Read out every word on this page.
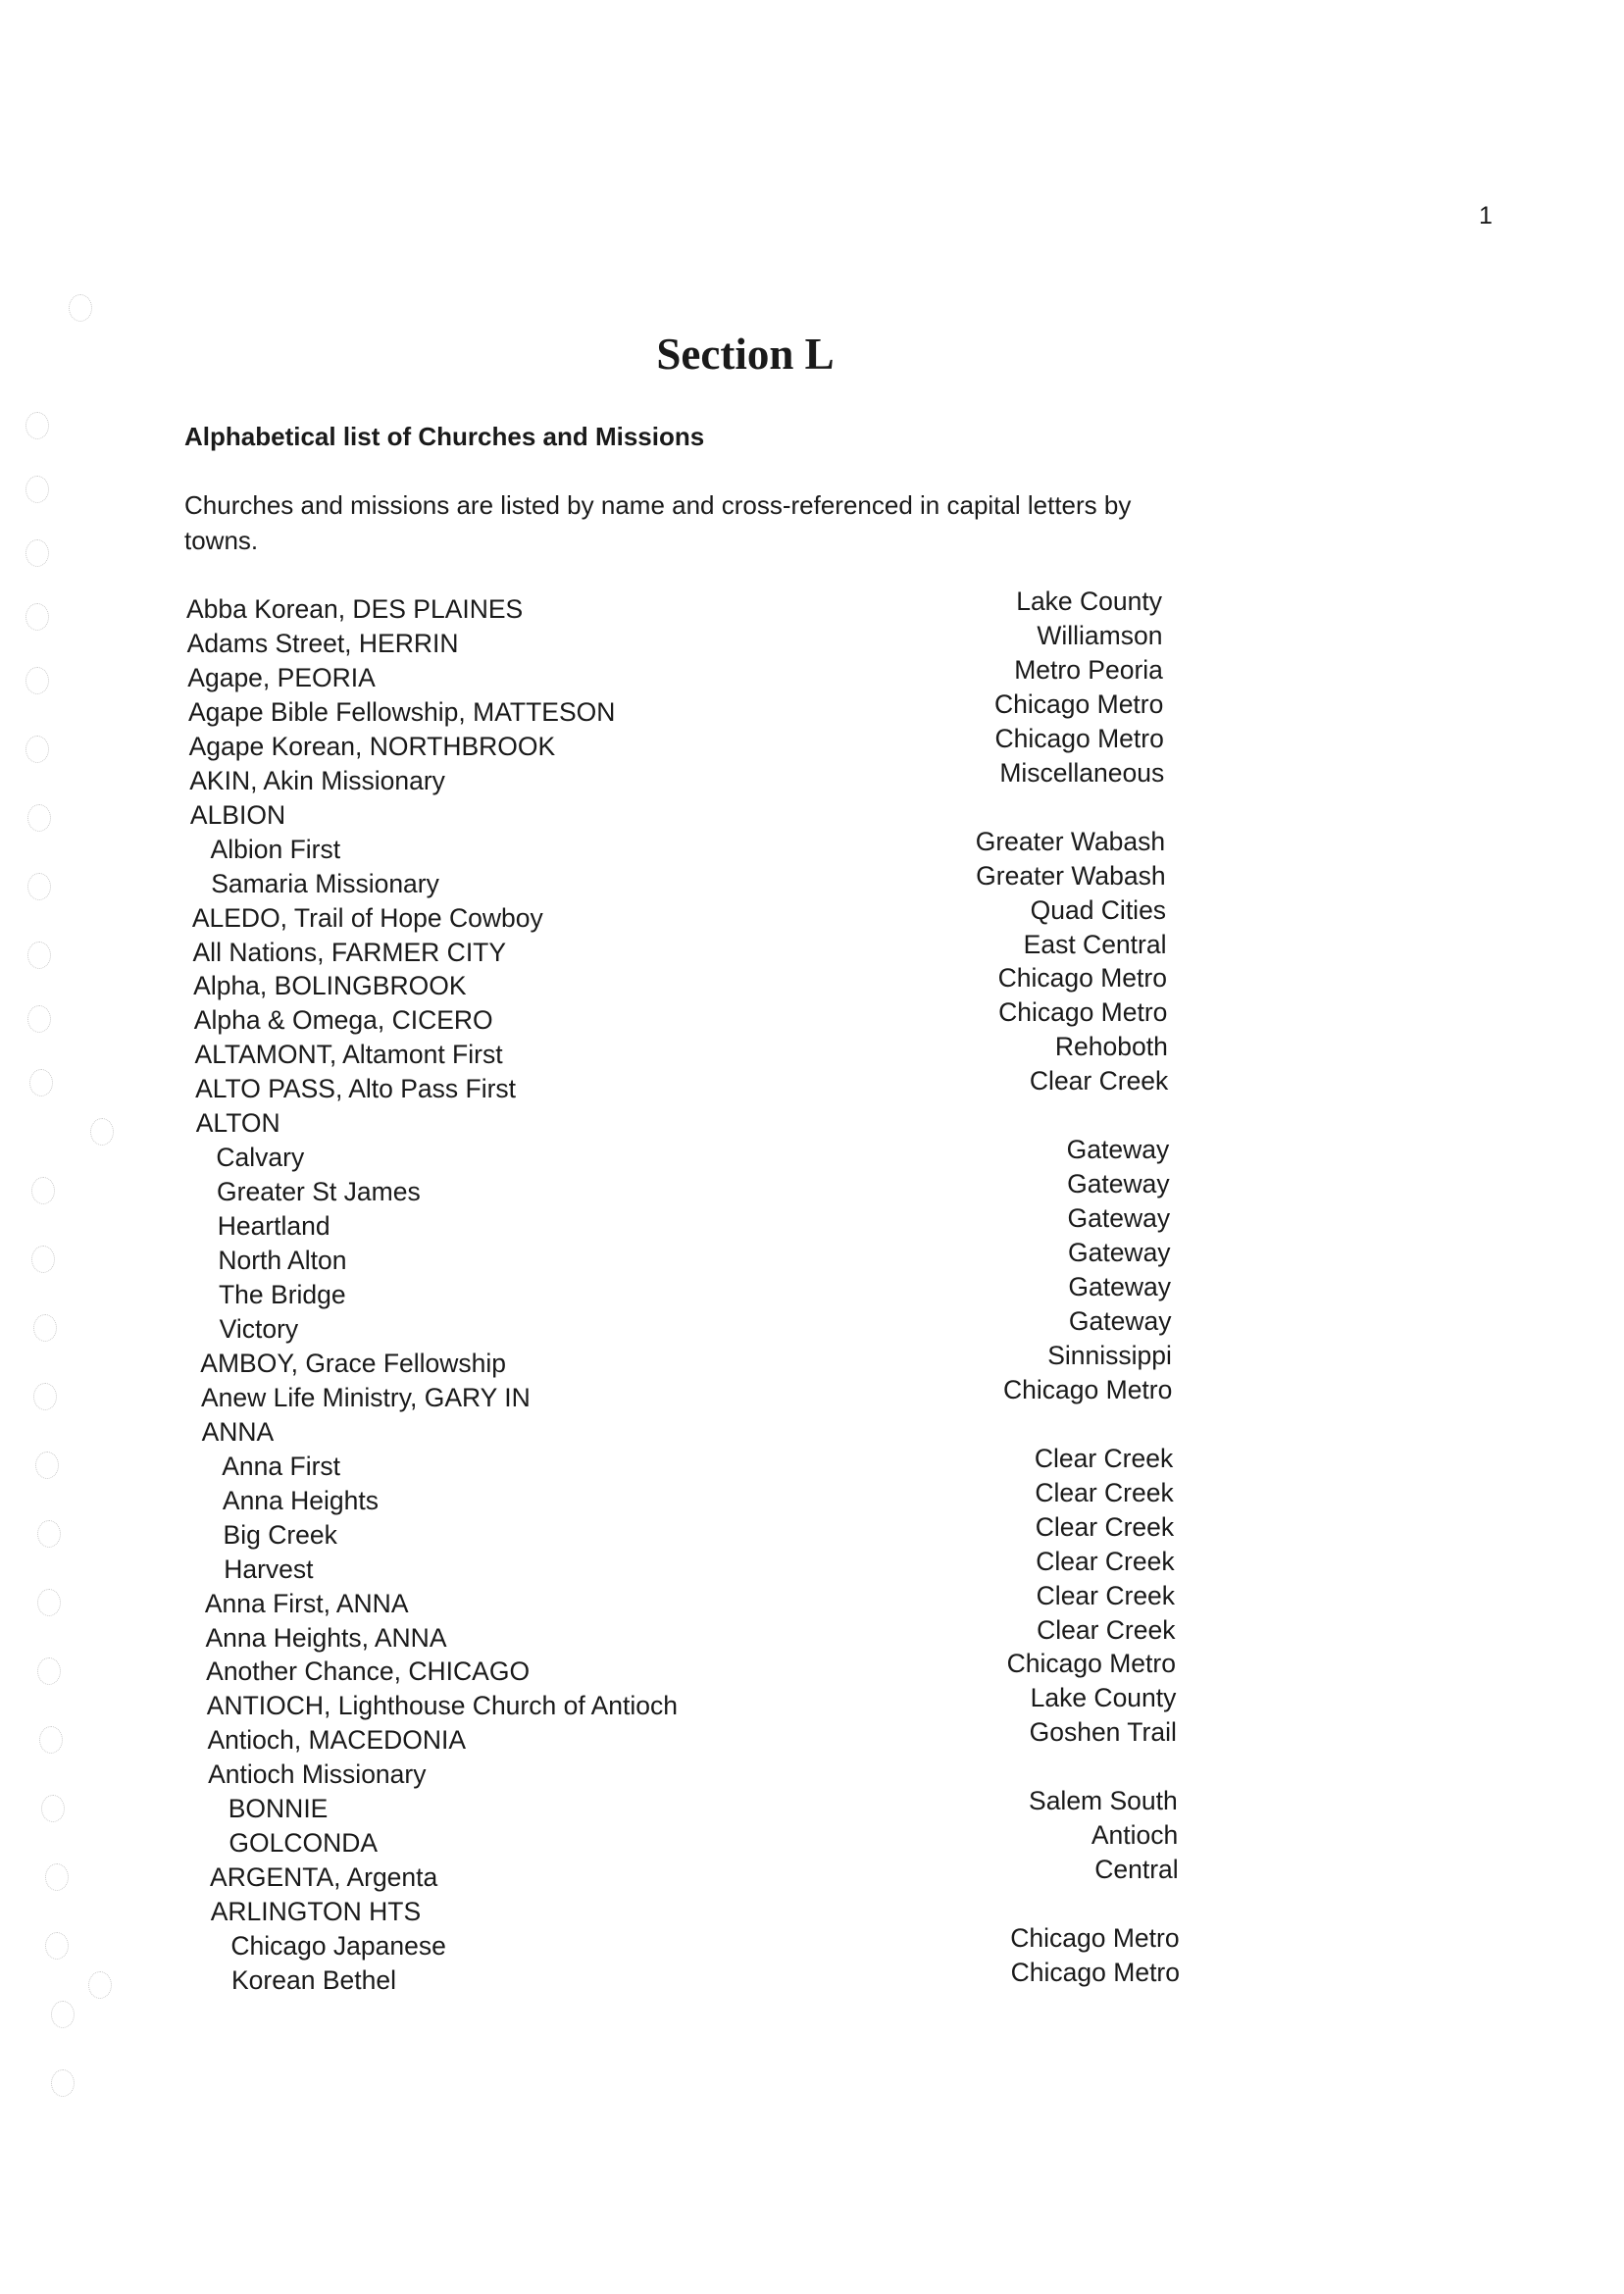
1
Section L
Alphabetical list of Churches and Missions
Churches and missions are listed by name and cross-referenced in capital letters by towns.
Abba Korean, DES PLAINES	Lake County
Adams Street, HERRIN	Williamson
Agape, PEORIA	Metro Peoria
Agape Bible Fellowship, MATTESON	Chicago Metro
Agape Korean, NORTHBROOK	Chicago Metro
AKIN, Akin Missionary	Miscellaneous
ALBION
Albion First	Greater Wabash
Samaria Missionary	Greater Wabash
ALEDO, Trail of Hope Cowboy	Quad Cities
All Nations, FARMER CITY	East Central
Alpha, BOLINGBROOK	Chicago Metro
Alpha & Omega, CICERO	Chicago Metro
ALTAMONT, Altamont First	Rehoboth
ALTO PASS, Alto Pass First	Clear Creek
ALTON
Calvary	Gateway
Greater St James	Gateway
Heartland	Gateway
North Alton	Gateway
The Bridge	Gateway
Victory	Gateway
AMBOY, Grace Fellowship	Sinnissippi
Anew Life Ministry, GARY IN	Chicago Metro
ANNA
Anna First	Clear Creek
Anna Heights	Clear Creek
Big Creek	Clear Creek
Harvest	Clear Creek
Anna First, ANNA	Clear Creek
Anna Heights, ANNA	Clear Creek
Another Chance, CHICAGO	Chicago Metro
ANTIOCH, Lighthouse Church of Antioch	Lake County
Antioch, MACEDONIA	Goshen Trail
Antioch Missionary
BONNIE	Salem South
GOLCONDA	Antioch
ARGENTA, Argenta	Central
ARLINGTON HTS
Chicago Japanese	Chicago Metro
Korean Bethel	Chicago Metro
